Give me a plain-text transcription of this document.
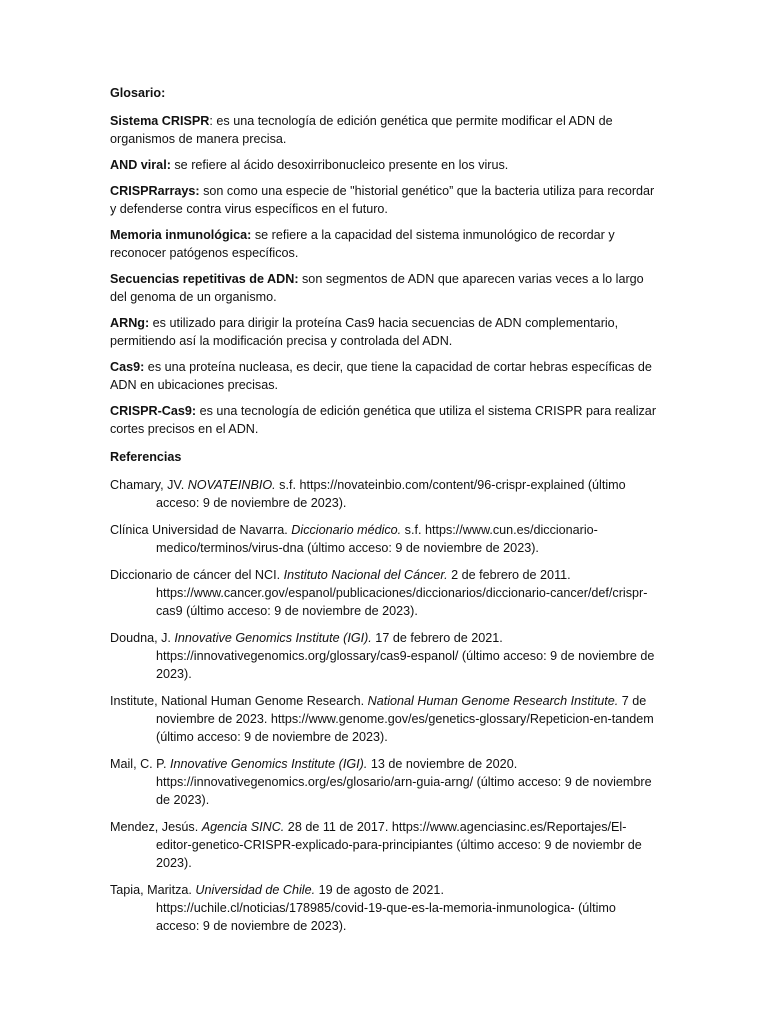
Glosario:
Sistema CRISPR: es una tecnología de edición genética que permite modificar el ADN de organismos de manera precisa.
AND viral: se refiere al ácido desoxirribonucleico presente en los virus.
CRISPRarrays: son como una especie de "historial genético” que la bacteria utiliza para recordar y defenderse contra virus específicos en el futuro.
Memoria inmunológica: se refiere a la capacidad del sistema inmunológico de recordar y reconocer patógenos específicos.
Secuencias repetitivas de ADN: son segmentos de ADN que aparecen varias veces a lo largo del genoma de un organismo.
ARNg: es utilizado para dirigir la proteína Cas9 hacia secuencias de ADN complementario, permitiendo así la modificación precisa y controlada del ADN.
Cas9: es una proteína nucleasa, es decir, que tiene la capacidad de cortar hebras específicas de ADN en ubicaciones precisas.
CRISPR-Cas9: es una tecnología de edición genética que utiliza el sistema CRISPR para realizar cortes precisos en el ADN.
Referencias
Chamary, JV. NOVATEINBIO. s.f. https://novateinbio.com/content/96-crispr-explained (último acceso: 9 de noviembre de 2023).
Clínica Universidad de Navarra. Diccionario médico. s.f. https://www.cun.es/diccionario-medico/terminos/virus-dna (último acceso: 9 de noviembre de 2023).
Diccionario de cáncer del NCI. Instituto Nacional del Cáncer. 2 de febrero de 2011. https://www.cancer.gov/espanol/publicaciones/diccionarios/diccionario-cancer/def/crispr-cas9 (último acceso: 9 de noviembre de 2023).
Doudna, J. Innovative Genomics Institute (IGI). 17 de febrero de 2021. https://innovativegenomics.org/glossary/cas9-espanol/ (último acceso: 9 de noviembre de 2023).
Institute, National Human Genome Research. National Human Genome Research Institute. 7 de noviembre de 2023. https://www.genome.gov/es/genetics-glossary/Repeticion-en-tandem (último acceso: 9 de noviembre de 2023).
Mail, C. P. Innovative Genomics Institute (IGI). 13 de noviembre de 2020. https://innovativegenomics.org/es/glosario/arn-guia-arng/ (último acceso: 9 de noviembre de 2023).
Mendez, Jesús. Agencia SINC. 28 de 11 de 2017. https://www.agenciasinc.es/Reportajes/El-editor-genetico-CRISPR-explicado-para-principiantes (último acceso: 9 de noviembr de 2023).
Tapia, Maritza. Universidad de Chile. 19 de agosto de 2021. https://uchile.cl/noticias/178985/covid-19-que-es-la-memoria-inmunologica- (último acceso: 9 de noviembre de 2023).
